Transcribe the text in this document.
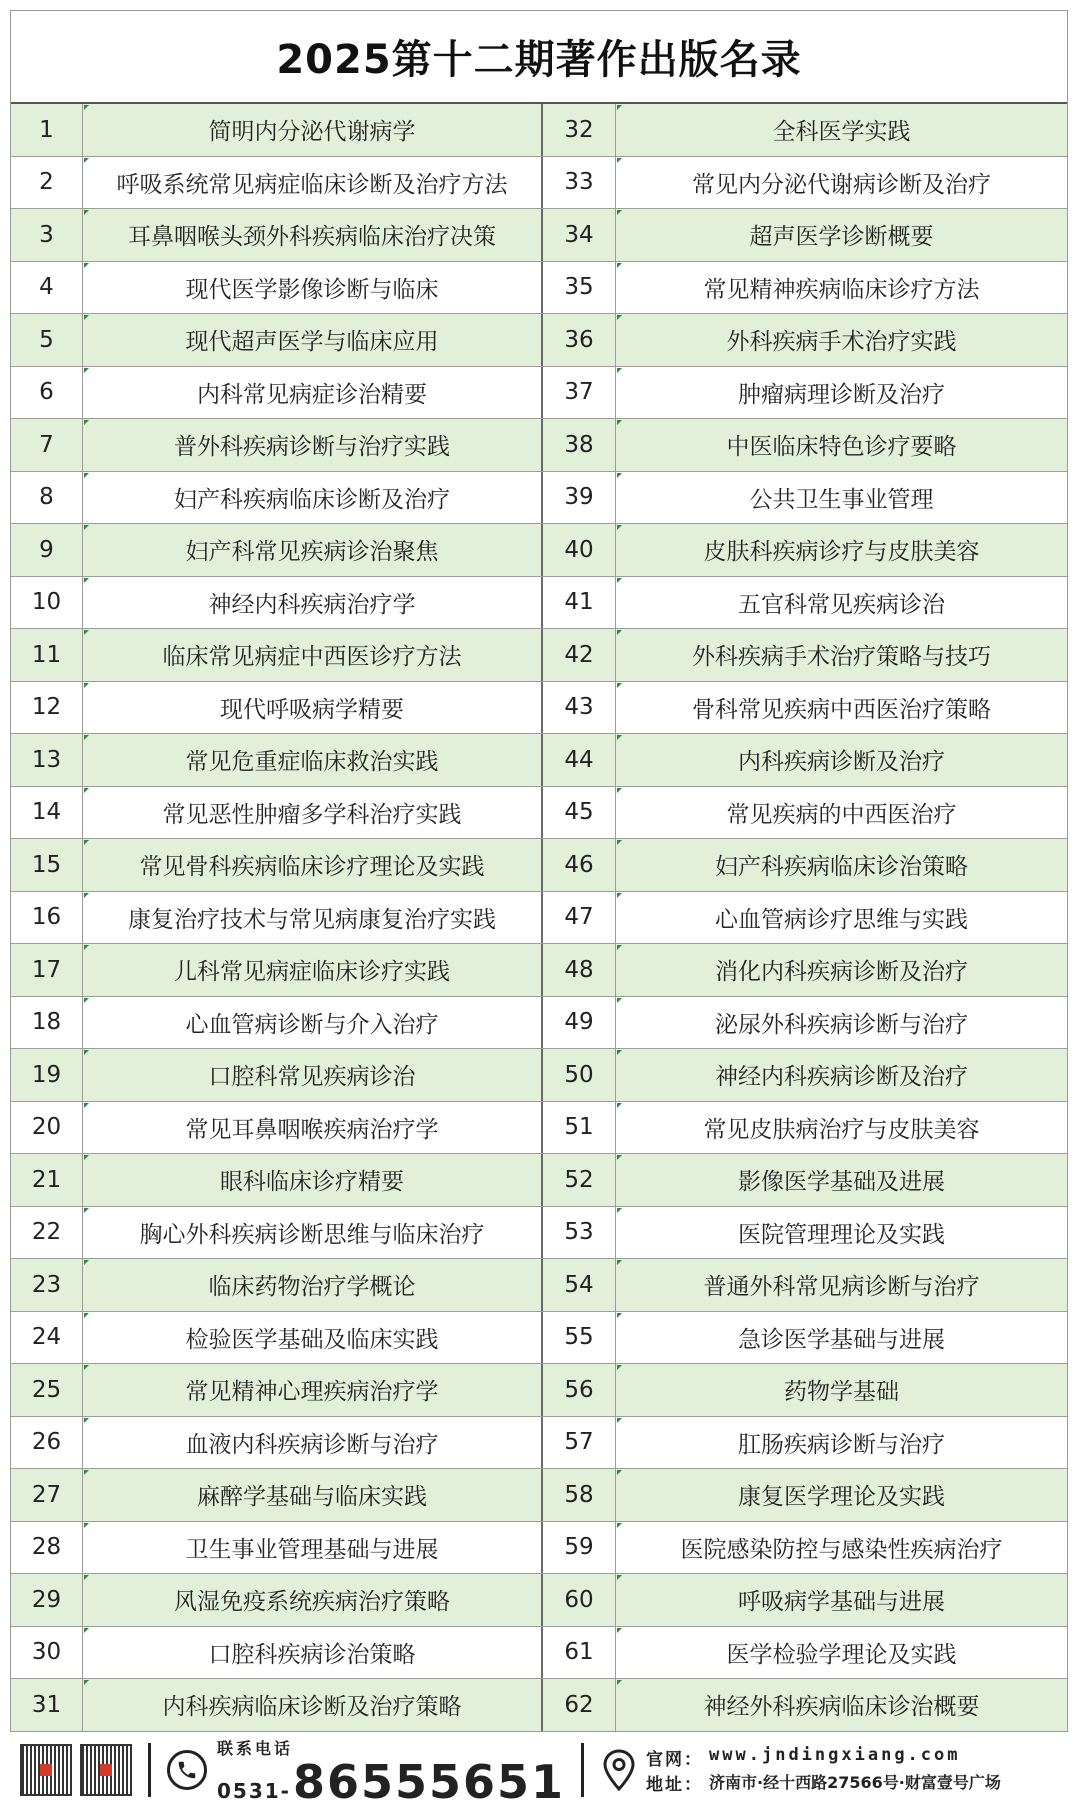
2025第十二期著作出版名录
1	简明内分泌代谢病学	32	全科医学实践
2	呼吸系统常见病症临床诊断及治疗方法	33	常见内分泌代谢病诊断及治疗
3	耳鼻咽喉头颈外科疾病临床治疗决策	34	超声医学诊断概要
4	现代医学影像诊断与临床	35	常见精神疾病临床诊疗方法
5	现代超声医学与临床应用	36	外科疾病手术治疗实践
6	内科常见病症诊治精要	37	肿瘤病理诊断及治疗
7	普外科疾病诊断与治疗实践	38	中医临床特色诊疗要略
8	妇产科疾病临床诊断及治疗	39	公共卫生事业管理
9	妇产科常见疾病诊治聚焦	40	皮肤科疾病诊疗与皮肤美容
10	神经内科疾病治疗学	41	五官科常见疾病诊治
11	临床常见病症中西医诊疗方法	42	外科疾病手术治疗策略与技巧
12	现代呼吸病学精要	43	骨科常见疾病中西医治疗策略
13	常见危重症临床救治实践	44	内科疾病诊断及治疗
14	常见恶性肿瘤多学科治疗实践	45	常见疾病的中西医治疗
15	常见骨科疾病临床诊疗理论及实践	46	妇产科疾病临床诊治策略
16	康复治疗技术与常见病康复治疗实践	47	心血管病诊疗思维与实践
17	儿科常见病症临床诊疗实践	48	消化内科疾病诊断及治疗
18	心血管病诊断与介入治疗	49	泌尿外科疾病诊断与治疗
19	口腔科常见疾病诊治	50	神经内科疾病诊断及治疗
20	常见耳鼻咽喉疾病治疗学	51	常见皮肤病治疗与皮肤美容
21	眼科临床诊疗精要	52	影像医学基础及进展
22	胸心外科疾病诊断思维与临床治疗	53	医院管理理论及实践
23	临床药物治疗学概论	54	普通外科常见病诊断与治疗
24	检验医学基础及临床实践	55	急诊医学基础与进展
25	常见精神心理疾病治疗学	56	药物学基础
26	血液内科疾病诊断与治疗	57	肛肠疾病诊断与治疗
27	麻醉学基础与临床实践	58	康复医学理论及实践
28	卫生事业管理基础与进展	59	医院感染防控与感染性疾病治疗
29	风湿免疫系统疾病治疗策略	60	呼吸病学基础与进展
30	口腔科疾病诊治策略	61	医学检验学理论及实践
31	内科疾病临床诊断及治疗策略	62	神经外科疾病临床诊治概要
联系电话
0531- 86555651	官网： www.jndingxiang.com
地址： 济南市·经十西路27566号·财富壹号广场
